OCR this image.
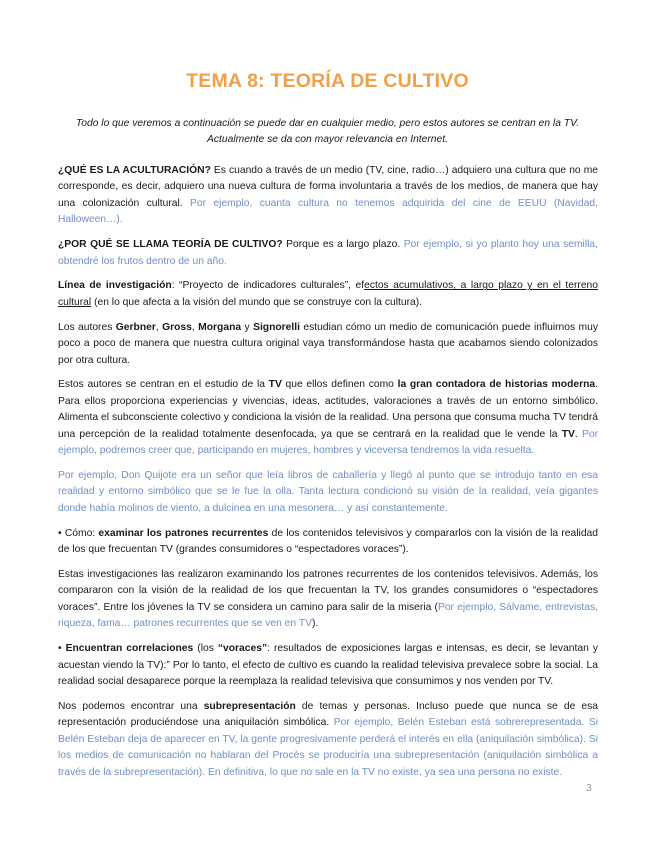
TEMA 8: TEORÍA DE CULTIVO
Todo lo que veremos a continuación se puede dar en cualquier medio, pero estos autores se centran en la TV. Actualmente se da con mayor relevancia en Internet.

¿QUÉ ES LA ACULTURACIÓN? Es cuando a través de un medio (TV, cine, radio…) adquiero una cultura que no me corresponde, es decir, adquiero una nueva cultura de forma involuntaria a través de los medios, de manera que hay una colonización cultural. Por ejemplo, cuanta cultura no tenemos adquirida del cine de EEUU (Navidad, Halloween…).

¿POR QUÉ SE LLAMA TEORÍA DE CULTIVO? Porque es a largo plazo. Por ejemplo, si yo planto hoy una semilla, obtendré los frutos dentro de un año.

Línea de investigación: “Proyecto de indicadores culturales”, efectos acumulativos, a largo plazo y en el terreno cultural (en lo que afecta a la visión del mundo que se construye con la cultura).

Los autores Gerbner, Gross, Morgana y Signorelli estudian cómo un medio de comunicación puede influirnos muy poco a poco de manera que nuestra cultura original vaya transformándose hasta que acabamos siendo colonizados por otra cultura.

Estos autores se centran en el estudio de la TV que ellos definen como la gran contadora de historias moderna. Para ellos proporciona experiencias y vivencias, ideas, actitudes, valoraciones a través de un entorno simbólico. Alimenta el subconsciente colectivo y condiciona la visión de la realidad. Una persona que consuma mucha TV tendrá una percepción de la realidad totalmente desenfocada, ya que se centrará en la realidad que le vende la TV. Por ejemplo, podremos creer que, participando en mujeres, hombres y viceversa tendremos la vida resuelta.

Por ejemplo, Don Quijote era un señor que leía libros de caballería y llegó al punto que se introdujo tanto en esa realidad y entorno simbólico que se le fue la olla. Tanta lectura condicionó su visión de la realidad, veía gigantes donde había molinos de viento, a dulcinea en una mesonera… y así constantemente.

• Cómo: examinar los patrones recurrentes de los contenidos televisivos y compararlos con la visión de la realidad de los que frecuentan TV (grandes consumidores o “espectadores voraces”).

Estas investigaciones las realizaron examinando los patrones recurrentes de los contenidos televisivos. Además, los compararon con la visión de la realidad de los que frecuentan la TV, los grandes consumidores o “espectadores voraces”. Entre los jóvenes la TV se considera un camino para salir de la miseria (Por ejemplo, Sálvame, entrevistas, riqueza, fama… patrones recurrentes que se ven en TV).

• Encuentran correlaciones (los “voraces”: resultados de exposiciones largas e intensas, es decir, se levantan y acuestan viendo la TV):” Por lo tanto, el efecto de cultivo es cuando la realidad televisiva prevalece sobre la social. La realidad social desaparece porque la reemplaza la realidad televisiva que consumimos y nos venden por TV.

Nos podemos encontrar una subrepresentación de temas y personas. Incluso puede que nunca se de esa representación produciéndose una aniquilación simbólica. Por ejemplo, Belén Esteban está sobrerepresentada. Si Belén Esteban deja de aparecer en TV, la gente progresivamente perderá el interés en ella (aniquilación simbólica). Si los medios de comunicación no hablaran del Procès se produciría una subrepresentación (aniquilación simbólica a través de la subrepresentación). En definitiva, lo que no sale en la TV no existe, ya sea una persona no existe.

3
